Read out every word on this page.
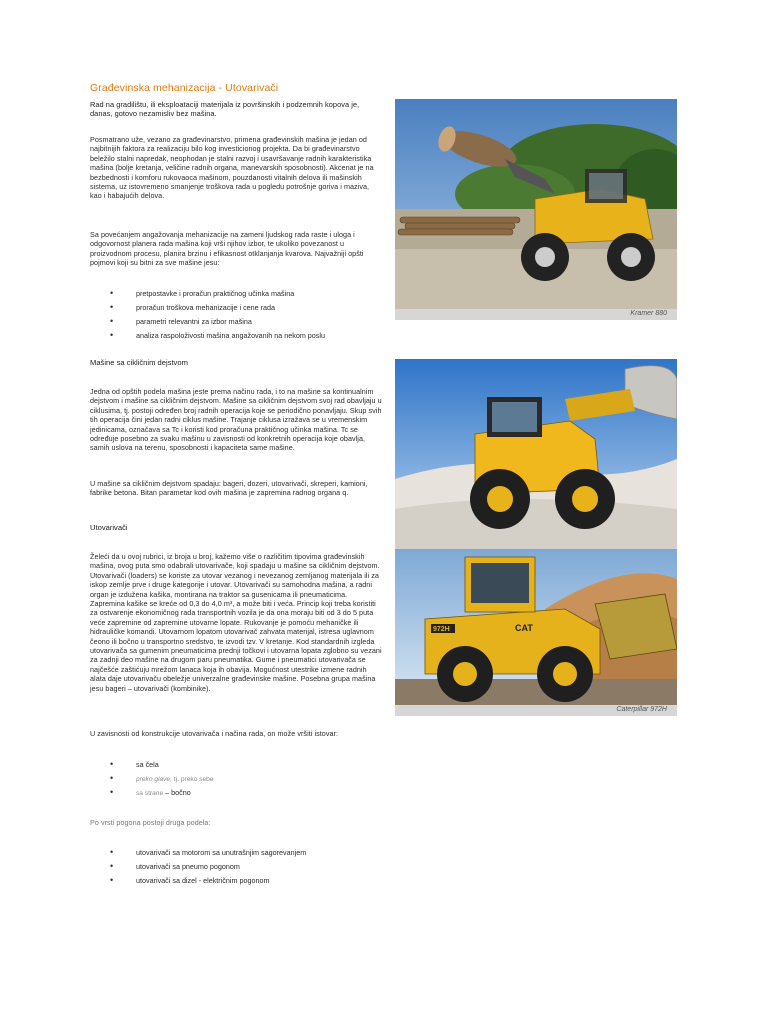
Građevinska mehanizacija - Utovarivači

Rad na gradilištu, ili eksploataciji materijala iz površinskih i podzemnih kopova je, danas, gotovo nezamisliv bez mašina.

Posmatrano uže, vezano za građevinarstvo, primena građevinskih mašina je jedan od najbitnijih faktora za realizaciju bilo kog investicionog projekta. Da bi građevinarstvo beležilo stalni napredak, neophodan je stalni razvoj i usavršavanje radnih karakteristika mašina (bolje kretanja, veličine radnih organa, manevarskih sposobnosti). Akcenat je na bezbednosti i komforu rukovaoca mašinom, pouzdanosti vitalnih delova ili mašinskih sistema, uz istovremeno smanjenje troškova rada u pogledu potrošnje goriva i maziva, kao i habajućih delova.

Sa povećanjem angažovanja mehanizacije na zameni ljudskog rada raste i uloga i odgovornost planera rada mašina koji vrši njihov izbor, te ukoliko povezanost u proizvodnom procesu, planira brzinu i efikasnost otklanjanja kvarova. Najvažniji opšti pojmovi koji su bitni za sve mašine jesu:

• pretpostavke i proračun praktičnog učinka mašina
• proračun troškova mehanizacije i cene rada
• parametri relevantni za izbor mašina
• analiza raspoloživosti mašina angažovanih na nekom poslu
Mašine sa cikličnim dejstvom

Jedna od opštih podela mašina jeste prema načinu rada, i to na mašine sa kontinualnim dejstvom i mašine sa cikličnim dejstvom. Mašine sa cikličnim dejstvom svoj rad obavljaju u ciklusima, tj. postoji određen broj radnih operacija koje se periodično ponavljaju. Skup svih tih operacija čini jedan radni ciklus mašine. Trajanje ciklusa izražava se u vremenskim jedinicama, označava sa Tc i koristi kod proračuna praktičnog učinka mašina. Tc se određuje posebno za svaku mašinu u zavisnosti od konkretnih operacija koje obavlja, samih uslova na terenu, sposobnosti i kapaciteta same mašine.

U mašine sa cikličnim dejstvom spadaju: bageri, dozeri, utovarivači, skreperi, kamioni, fabrike betona. Bitan parametar kod ovih mašina je zapremina radnog organa q.

Utovarivači

Želeći da u ovoj rubrici, iz broja u broj, kažemo više o različitim tipovima građevinskih mašina, ovog puta smo odabrali utovarivače, koji spadaju u mašine sa cikličnim dejstvom. Utovarivači (loaders) se koriste za utovar vezanog i nevezanog zemljanog materijala ili za iskop zemlje prve i druge kategorije i utovar. Utovarivači su samohodna mašina, a radni organ je izdužena kašika, montirana na traktor sa gusenicama ili pneumaticima. Zapremina kašike se kreće od 0,3 do 4,0 m³, a može biti i veća. Princip koji treba koristiti za ostvarenje ekonomičnog rada transportnih vozila je da ona moraju biti od 3 do 5 puta veće zapremine od zapremine utovarne lopate. Rukovanje je pomoću mehaničke ili hidrauličke komandi. Utovarnom lopatom utovarivač zahvata materijal, istresa uglavnom čeono ili bočno u transportno sredstvo, te izvodi tzv. V kretanje. Kod standardnih izgleda utovarivača sa gumenim pneumaticima prednji točkovi i utovarna lopata zglobno su vezani za zadnji deo mašine na drugom paru pneumatika. Gume i pneumatici utovarivača se najčešće zaštićuju mrežom lanaca koja ih obavija. Mogućnost utestrike izmene radnih alata daje utovarivaču obeležje univerzalne građevinske mašine. Posebna grupa mašina jesu bageri – utovarivači (kombinike).

U zavisnosti od konstrukcije utovarivača i načina rada, on može vršiti istovar:

• sa čela
• preko glave, tj. preko sebe
• sa strane – bočno

Po vrsti pogona postoji druga podela:

• utovarivači sa motorom sa unutrašnjim sagorevanjem
• utovarivači sa pneumo pogonom
• utovarivači sa dizel - električnim pogonom
Kramer 880
972H	CAT
Caterpillar 972H
